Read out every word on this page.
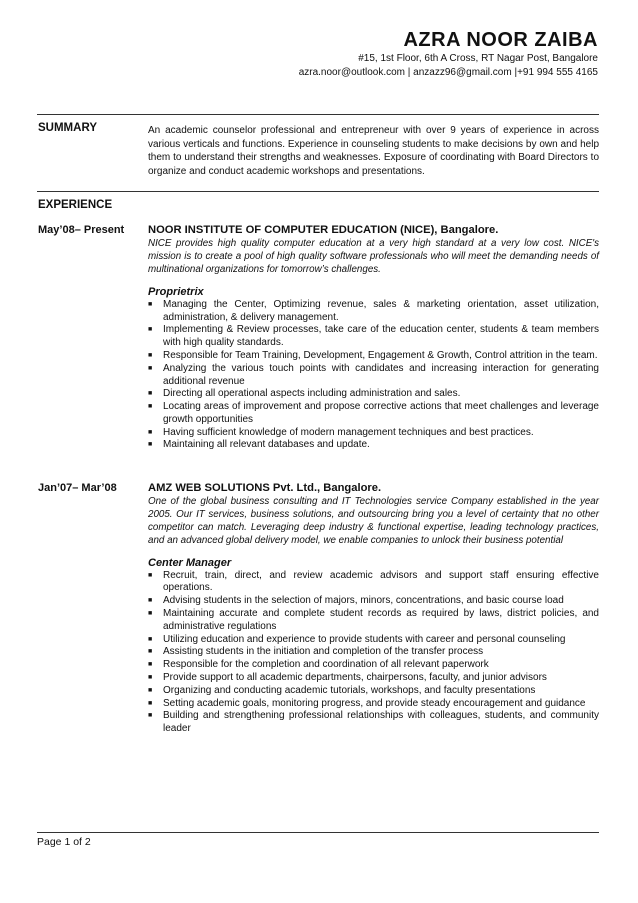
AZRA NOOR ZAIBA
#15, 1st Floor, 6th A Cross, RT Nagar Post, Bangalore
azra.noor@outlook.com | anzazz96@gmail.com |+91 994 555 4165
SUMMARY	An academic counselor professional and entrepreneur with over 9 years of experience in across various verticals and functions. Experience in counseling students to make decisions by own and help them to understand their strengths and weaknesses. Exposure of coordinating with Board Directors to organize and conduct academic workshops and presentations.
EXPERIENCE
May’08– Present NOOR INSTITUTE OF COMPUTER EDUCATION (NICE), Bangalore.
NICE provides high quality computer education at a very high standard at a very low cost. NICE's mission is to create a pool of high quality software professionals who will meet the demanding needs of multinational organizations for tomorrow’s challenges.
Proprietrix
■ Managing the Center, Optimizing revenue, sales & marketing orientation, asset utilization, administration, & delivery management.
■ Implementing & Review processes, take care of the education center, students & team members with high quality standards.
■ Responsible for Team Training, Development, Engagement & Growth, Control attrition in the team.
■ Analyzing the various touch points with candidates and increasing interaction for generating additional revenue
■ Directing all operational aspects including administration and sales.
■ Locating areas of improvement and propose corrective actions that meet challenges and leverage growth opportunities
■ Having sufficient knowledge of modern management techniques and best practices.
■ Maintaining all relevant databases and update.
Jan’07– Mar’08	AMZ WEB SOLUTIONS Pvt. Ltd., Bangalore.
One of the global business consulting and IT Technologies service Company established in the year 2005. Our IT services, business solutions, and outsourcing bring you a level of certainty that no other competitor can match. Leveraging deep industry & functional expertise, leading technology practices, and an advanced global delivery model, we enable companies to unlock their business potential
Center Manager
■ Recruit, train, direct, and review academic advisors and support staff ensuring effective operations.
■ Advising students in the selection of majors, minors, concentrations, and basic course load
■ Maintaining accurate and complete student records as required by laws, district policies, and administrative regulations
■ Utilizing education and experience to provide students with career and personal counseling
■ Assisting students in the initiation and completion of the transfer process
■ Responsible for the completion and coordination of all relevant paperwork
■ Provide support to all academic departments, chairpersons, faculty, and junior advisors
■ Organizing and conducting academic tutorials, workshops, and faculty presentations
■ Setting academic goals, monitoring progress, and provide steady encouragement and guidance
■ Building and strengthening professional relationships with colleagues, students, and community leader
Page 1 of 2
